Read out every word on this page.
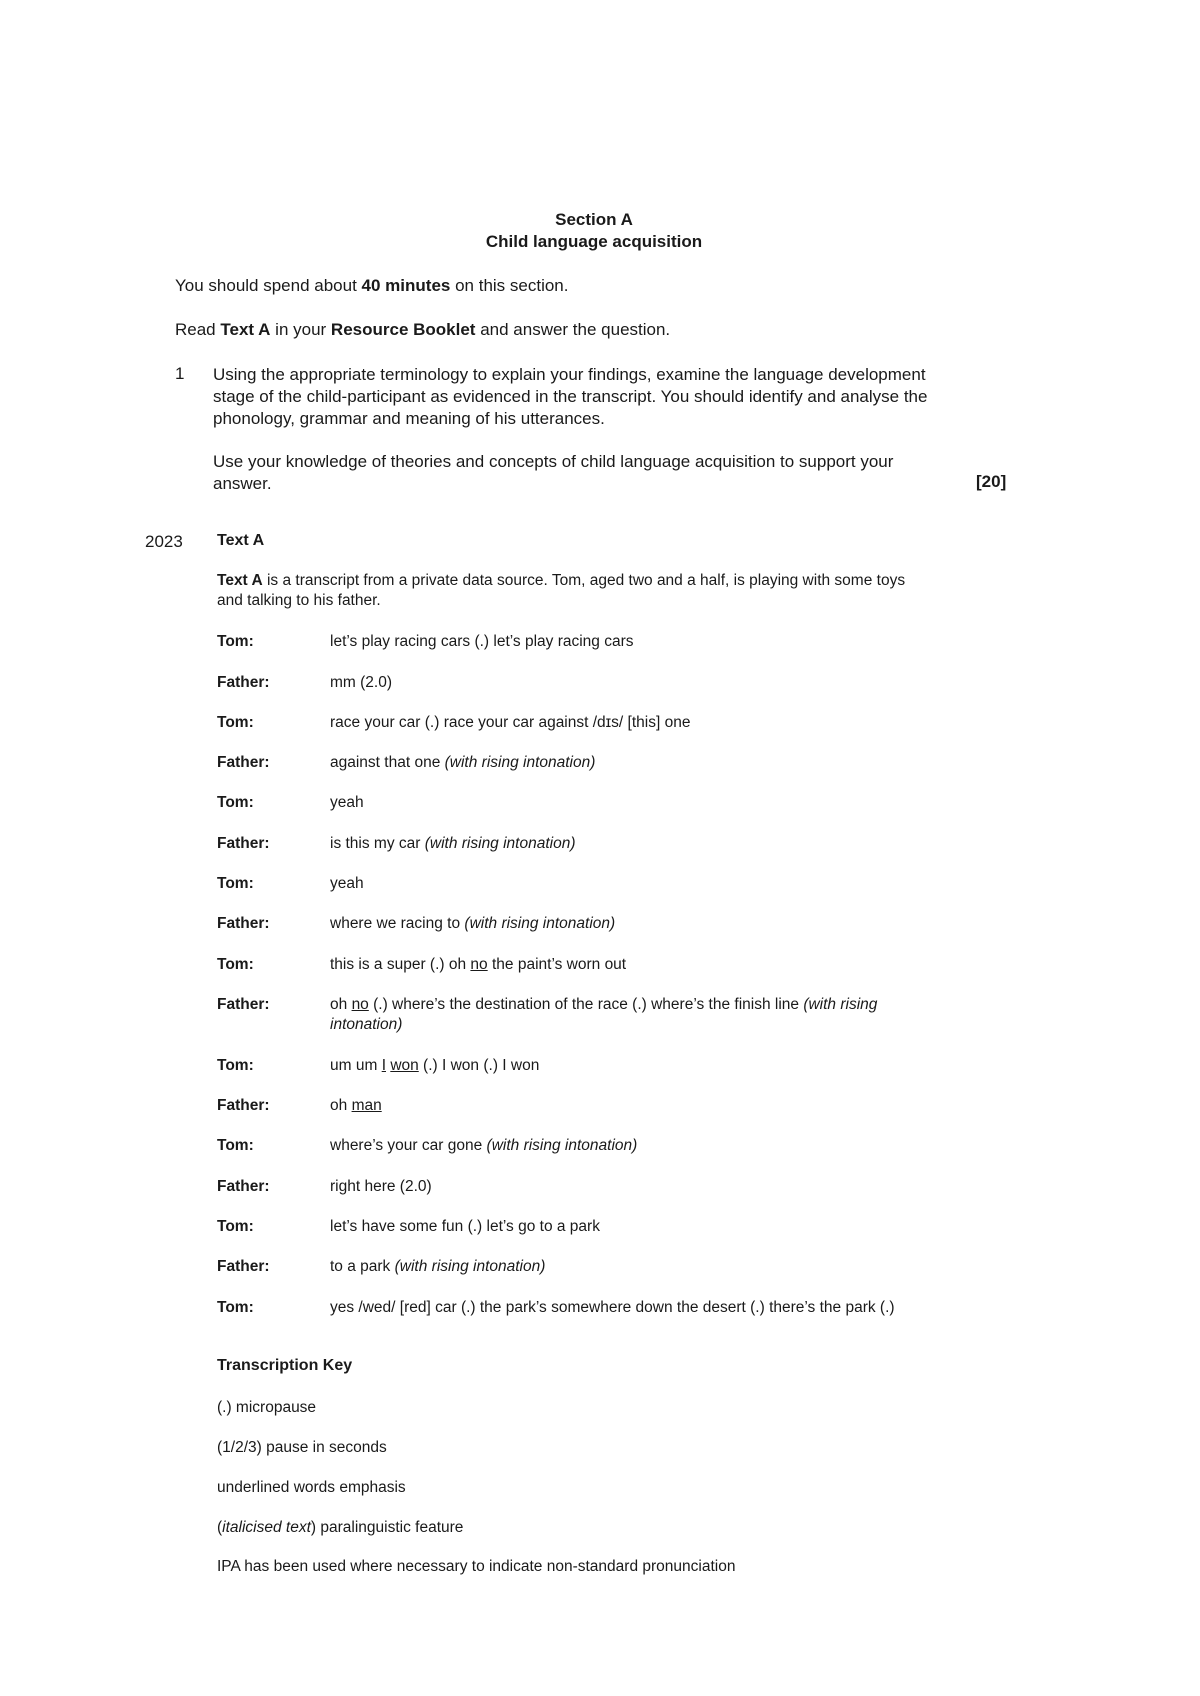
Section A
Child language acquisition
You should spend about 40 minutes on this section.
Read Text A in your Resource Booklet and answer the question.
1 Using the appropriate terminology to explain your findings, examine the language development
stage of the child-participant as evidenced in the transcript. You should identify and analyse the
phonology, grammar and meaning of his utterances.
Use your knowledge of theories and concepts of child language acquisition to support your
answer.	[20]
2023 Text A
Text A is a transcript from a private data source. Tom, aged two and a half, is playing with some toys
and talking to his father.
Tom:	let’s play racing cars (.) let’s play racing cars
Father:	mm (2.0)
Tom:	race your car (.) race your car against /dɪs/ [this] one
Father:	against that one (with rising intonation)
Tom:	yeah
Father:	is this my car (with rising intonation)
Tom:	yeah
Father:	where we racing to (with rising intonation)
Tom:	this is a super (.) oh no the paint’s worn out
Father:	oh no (.) where’s the destination of the race (.) where’s the finish line (with rising
intonation)
Tom:	um um I won (.) I won (.) I won
Father:	oh man
Tom:	where’s your car gone (with rising intonation)
Father:	right here (2.0)
Tom:	let’s have some fun (.) let’s go to a park
Father:	to a park (with rising intonation)
Tom:	yes /wed/ [red] car (.) the park’s somewhere down the desert (.) there’s the park (.)
Transcription Key
(.) micropause
(1/2/3) pause in seconds
underlined words emphasis
(italicised text) paralinguistic feature
IPA has been used where necessary to indicate non-standard pronunciation
